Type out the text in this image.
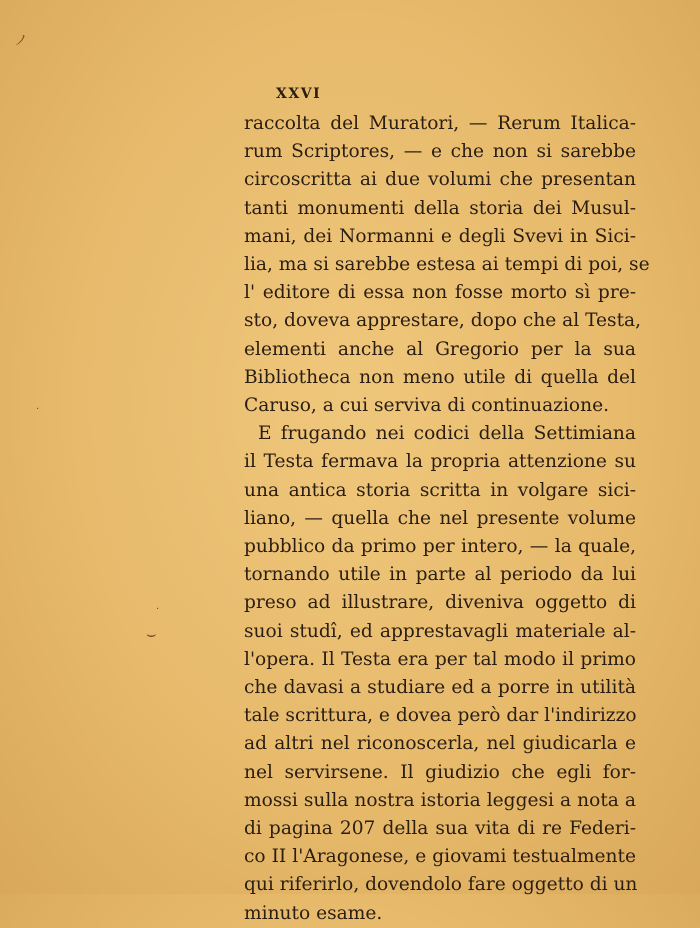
XXVI
raccolta del Muratori, — Rerum Italica-
rum Scriptores, — e che non si sarebbe
circoscritta ai due volumi che presentan
tanti monumenti della storia dei Musul-
mani, dei Normanni e degli Svevi in Sici-
lia, ma si sarebbe estesa ai tempi di poi, se
l' editore di essa non fosse morto sì pre-
sto, doveva apprestare, dopo che al Testa,
elementi anche al Gregorio per la sua
Bibliotheca non meno utile di quella del
Caruso, a cui serviva di continuazione.
E frugando nei codici della Settimiana
il Testa fermava la propria attenzione su
una antica storia scritta in volgare sici-
liano, — quella che nel presente volume
pubblico da primo per intero, — la quale,
tornando utile in parte al periodo da lui
preso ad illustrare, diveniva oggetto di
suoi studî, ed apprestavagli materiale al-
l'opera. Il Testa era per tal modo il primo
che davasi a studiare ed a porre in utilità
tale scrittura, e dovea però dar l'indirizzo
ad altri nel riconoscerla, nel giudicarla e
nel servirsene. Il giudizio che egli for-
mossi sulla nostra istoria leggesi a nota a
di pagina 207 della sua vita di re Federi-
co II l'Aragonese, e giovami testualmente
qui riferirlo, dovendolo fare oggetto di un
minuto esame.
ノ
⌣
·
·
